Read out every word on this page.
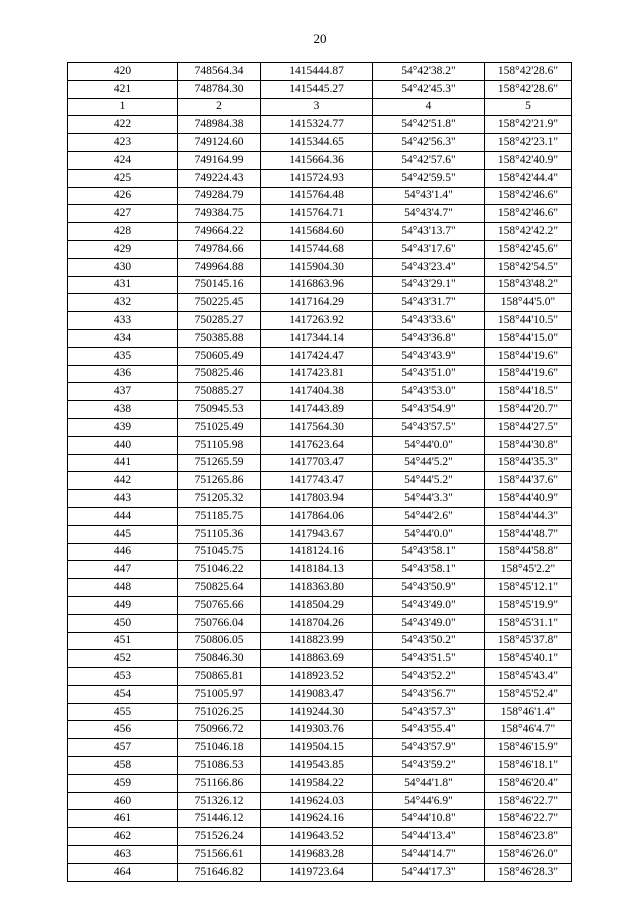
20
420	748564.34	1415444.87	54°42'38.2"	158°42'28.6"
421	748784.30	1415445.27	54°42'45.3"	158°42'28.6"
1	2	3	4	5
422	748984.38	1415324.77	54°42'51.8"	158°42'21.9"
423	749124.60	1415344.65	54°42'56.3"	158°42'23.1"
424	749164.99	1415664.36	54°42'57.6"	158°42'40.9"
425	749224.43	1415724.93	54°42'59.5"	158°42'44.4"
426	749284.79	1415764.48	54°43'1.4"	158°42'46.6"
427	749384.75	1415764.71	54°43'4.7"	158°42'46.6"
428	749664.22	1415684.60	54°43'13.7"	158°42'42.2"
429	749784.66	1415744.68	54°43'17.6"	158°42'45.6"
430	749964.88	1415904.30	54°43'23.4"	158°42'54.5"
431	750145.16	1416863.96	54°43'29.1"	158°43'48.2"
432	750225.45	1417164.29	54°43'31.7"	158°44'5.0"
433	750285.27	1417263.92	54°43'33.6"	158°44'10.5"
434	750385.88	1417344.14	54°43'36.8"	158°44'15.0"
435	750605.49	1417424.47	54°43'43.9"	158°44'19.6"
436	750825.46	1417423.81	54°43'51.0"	158°44'19.6"
437	750885.27	1417404.38	54°43'53.0"	158°44'18.5"
438	750945.53	1417443.89	54°43'54.9"	158°44'20.7"
439	751025.49	1417564.30	54°43'57.5"	158°44'27.5"
440	751105.98	1417623.64	54°44'0.0"	158°44'30.8"
441	751265.59	1417703.47	54°44'5.2"	158°44'35.3"
442	751265.86	1417743.47	54°44'5.2"	158°44'37.6"
443	751205.32	1417803.94	54°44'3.3"	158°44'40.9"
444	751185.75	1417864.06	54°44'2.6"	158°44'44.3"
445	751105.36	1417943.67	54°44'0.0"	158°44'48.7"
446	751045.75	1418124.16	54°43'58.1"	158°44'58.8"
447	751046.22	1418184.13	54°43'58.1"	158°45'2.2"
448	750825.64	1418363.80	54°43'50.9"	158°45'12.1"
449	750765.66	1418504.29	54°43'49.0"	158°45'19.9"
450	750766.04	1418704.26	54°43'49.0"	158°45'31.1"
451	750806.05	1418823.99	54°43'50.2"	158°45'37.8"
452	750846.30	1418863.69	54°43'51.5"	158°45'40.1"
453	750865.81	1418923.52	54°43'52.2"	158°45'43.4"
454	751005.97	1419083.47	54°43'56.7"	158°45'52.4"
455	751026.25	1419244.30	54°43'57.3"	158°46'1.4"
456	750966.72	1419303.76	54°43'55.4"	158°46'4.7"
457	751046.18	1419504.15	54°43'57.9"	158°46'15.9"
458	751086.53	1419543.85	54°43'59.2"	158°46'18.1"
459	751166.86	1419584.22	54°44'1.8"	158°46'20.4"
460	751326.12	1419624.03	54°44'6.9"	158°46'22.7"
461	751446.12	1419624.16	54°44'10.8"	158°46'22.7"
462	751526.24	1419643.52	54°44'13.4"	158°46'23.8"
463	751566.61	1419683.28	54°44'14.7"	158°46'26.0"
464	751646.82	1419723.64	54°44'17.3"	158°46'28.3"
